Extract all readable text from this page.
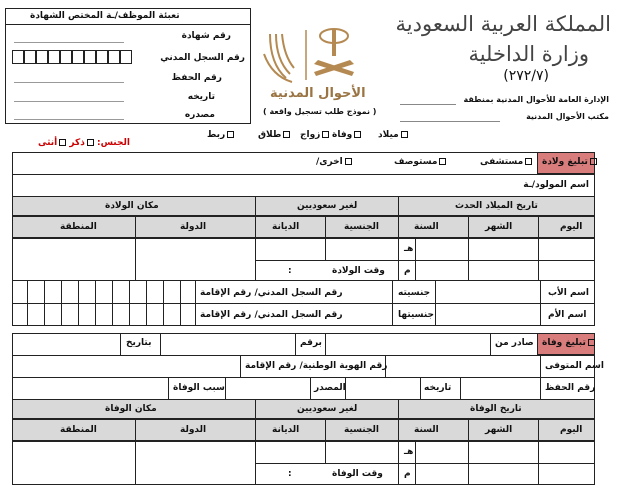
المملكة العربية السعودية
وزارة الداخلية
(٢٧٢/٧)
الإدارة العامة للأحوال المدنية بمنطقة
مكتب الأحوال المدنية
الأحوال المدنية
( نموذج طلب تسجيل واقعة )
تعبئة الموظف/ـة المختص الشهادة
رقم شهادة
رقم السجل المدني
رقم الحفظ
تاريخه
مصدره
ميلاد
وفاة
زواج
طلاق
ربط
الجنس: ذكر أنثى
تبليغ ولادة
مستشفى
مستوصف
اخرى/
اسم المولود/ـة
تاريخ الميلاد الحدث
لغير سعوديين
مكان الولادة
اليوم
الشهر
السنة
الجنسية
الديانة
الدولة
المنطقة
هـ
م
وقت الولادة
:
اسم الأب
اسم الأم
جنسيته
جنسيتها
رقم السجل المدني/ رقم الإقامة
رقم السجل المدني/ رقم الإقامة
تبليغ وفاة
صادر من
برقم
بتاريخ
اسم المتوفى
رقم الهوية الوطنية/ رقم الإقامة
رقم الحفظ
تاريخه
المصدر
سبب الوفاة
تاريخ الوفاة
لغير سعوديين
مكان الوفاة
اليوم
الشهر
السنة
الجنسية
الديانة
الدولة
المنطقة
هـ
م
وقت الوفاة
:
